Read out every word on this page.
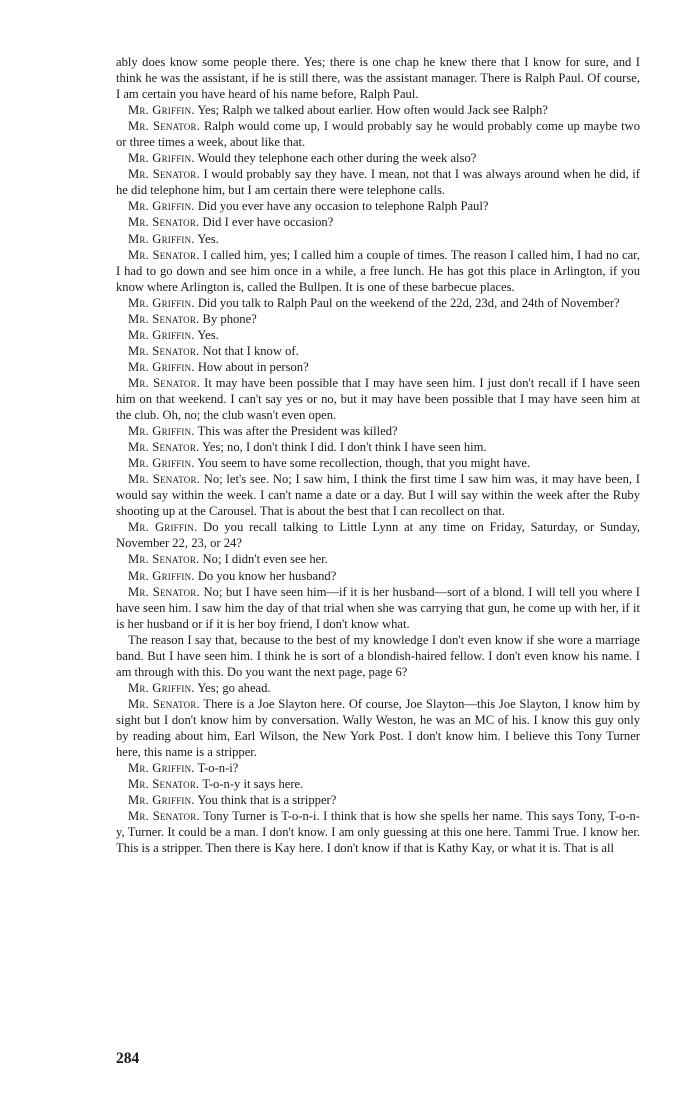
ably does know some people there. Yes; there is one chap he knew there that I know for sure, and I think he was the assistant, if he is still there, was the assistant manager. There is Ralph Paul. Of course, I am certain you have heard of his name before, Ralph Paul.

Mr. Griffin. Yes; Ralph we talked about earlier. How often would Jack see Ralph?

Mr. Senator. Ralph would come up, I would probably say he would probably come up maybe two or three times a week, about like that.

Mr. Griffin. Would they telephone each other during the week also?

Mr. Senator. I would probably say they have. I mean, not that I was always around when he did, if he did telephone him, but I am certain there were telephone calls.

Mr. Griffin. Did you ever have any occasion to telephone Ralph Paul?

Mr. Senator. Did I ever have occasion?

Mr. Griffin. Yes.

Mr. Senator. I called him, yes; I called him a couple of times. The reason I called him, I had no car, I had to go down and see him once in a while, a free lunch. He has got this place in Arlington, if you know where Arlington is, called the Bullpen. It is one of these barbecue places.

Mr. Griffin. Did you talk to Ralph Paul on the weekend of the 22d, 23d, and 24th of November?

Mr. Senator. By phone?

Mr. Griffin. Yes.

Mr. Senator. Not that I know of.

Mr. Griffin. How about in person?

Mr. Senator. It may have been possible that I may have seen him. I just don't recall if I have seen him on that weekend. I can't say yes or no, but it may have been possible that I may have seen him at the club. Oh, no; the club wasn't even open.

Mr. Griffin. This was after the President was killed?

Mr. Senator. Yes; no, I don't think I did. I don't think I have seen him.

Mr. Griffin. You seem to have some recollection, though, that you might have.

Mr. Senator. No; let's see. No; I saw him, I think the first time I saw him was, it may have been, I would say within the week. I can't name a date or a day. But I will say within the week after the Ruby shooting up at the Carousel. That is about the best that I can recollect on that.

Mr. Griffin. Do you recall talking to Little Lynn at any time on Friday, Saturday, or Sunday, November 22, 23, or 24?

Mr. Senator. No; I didn't even see her.

Mr. Griffin. Do you know her husband?

Mr. Senator. No; but I have seen him—if it is her husband—sort of a blond. I will tell you where I have seen him. I saw him the day of that trial when she was carrying that gun, he come up with her, if it is her husband or if it is her boy friend, I don't know what.

The reason I say that, because to the best of my knowledge I don't even know if she wore a marriage band. But I have seen him. I think he is sort of a blondish-haired fellow. I don't even know his name. I am through with this. Do you want the next page, page 6?

Mr. Griffin. Yes; go ahead.

Mr. Senator. There is a Joe Slayton here. Of course, Joe Slayton—this Joe Slayton, I know him by sight but I don't know him by conversation. Wally Weston, he was an MC of his. I know this guy only by reading about him, Earl Wilson, the New York Post. I don't know him. I believe this Tony Turner here, this name is a stripper.

Mr. Griffin. T-o-n-i?

Mr. Senator. T-o-n-y it says here.

Mr. Griffin. You think that is a stripper?

Mr. Senator. Tony Turner is T-o-n-i. I think that is how she spells her name. This says Tony, T-o-n-y, Turner. It could be a man. I don't know. I am only guessing at this one here. Tammi True. I know her. This is a stripper. Then there is Kay here. I don't know if that is Kathy Kay, or what it is. That is all

284
